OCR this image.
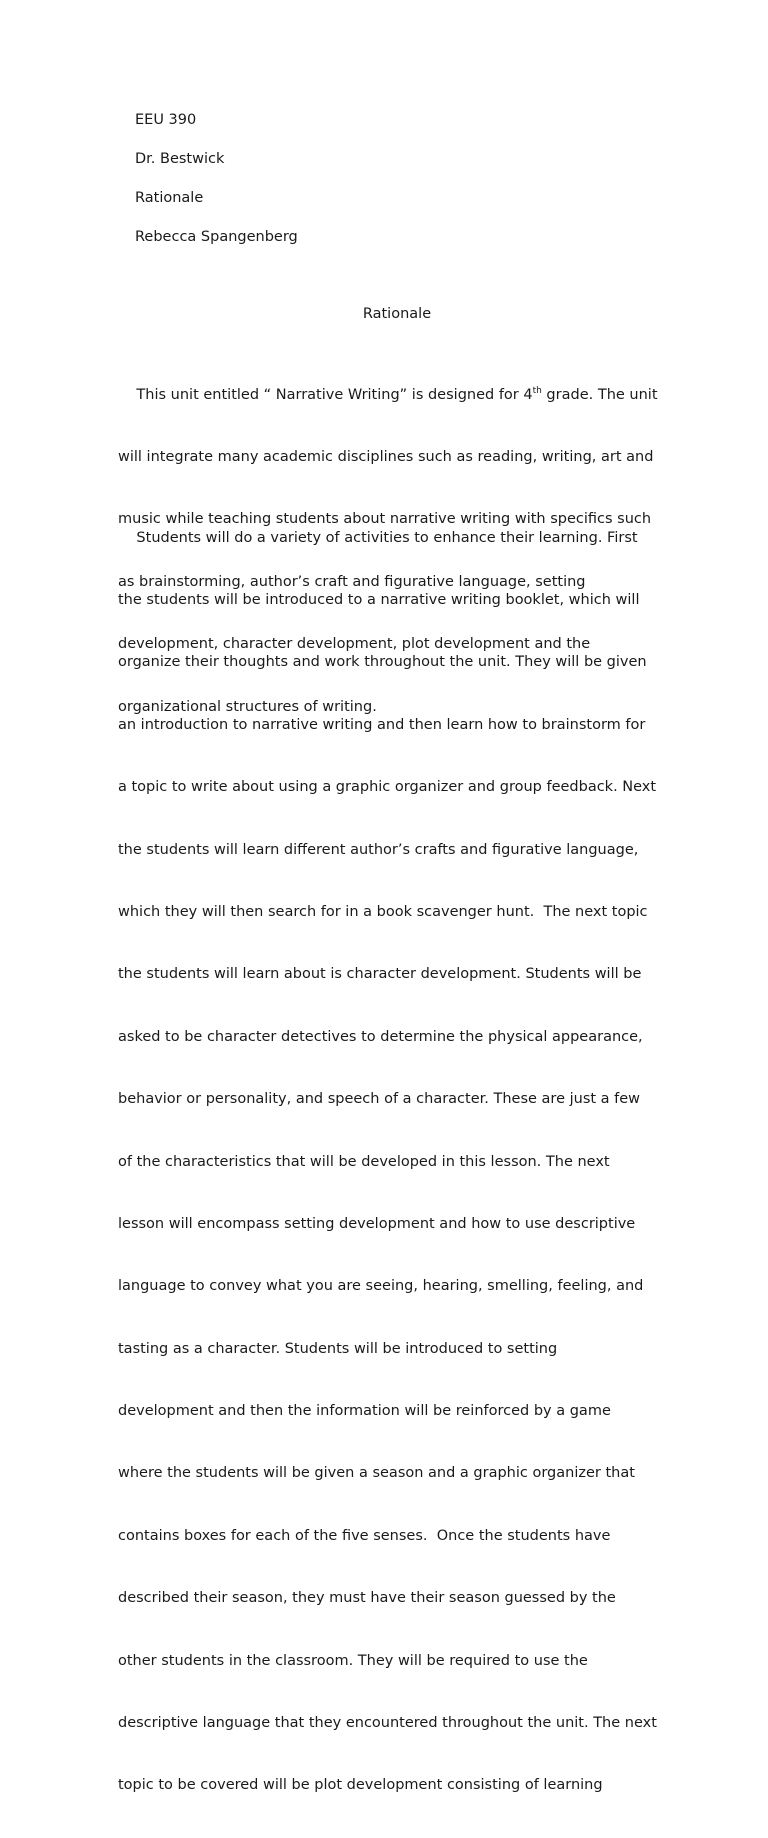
EEU 390
Dr. Bestwick
Rationale
Rebecca Spangenberg
Rationale

This unit entitled “ Narrative Writing” is designed for 4th grade. The unit

will integrate many academic disciplines such as reading, writing, art and

music while teaching students about narrative writing with specifics such

as brainstorming, author’s craft and figurative language, setting

development, character development, plot development and the

organizational structures of writing.

Students will do a variety of activities to enhance their learning. First

the students will be introduced to a narrative writing booklet, which will

organize their thoughts and work throughout the unit. They will be given

an introduction to narrative writing and then learn how to brainstorm for

a topic to write about using a graphic organizer and group feedback. Next

the students will learn different author’s crafts and figurative language,

which they will then search for in a book scavenger hunt.  The next topic

the students will learn about is character development. Students will be

asked to be character detectives to determine the physical appearance,

behavior or personality, and speech of a character. These are just a few

of the characteristics that will be developed in this lesson. The next

lesson will encompass setting development and how to use descriptive

language to convey what you are seeing, hearing, smelling, feeling, and

tasting as a character. Students will be introduced to setting

development and then the information will be reinforced by a game

where the students will be given a season and a graphic organizer that

contains boxes for each of the five senses.  Once the students have

described their season, they must have their season guessed by the

other students in the classroom. They will be required to use the

descriptive language that they encountered throughout the unit. The next

topic to be covered will be plot development consisting of learning
